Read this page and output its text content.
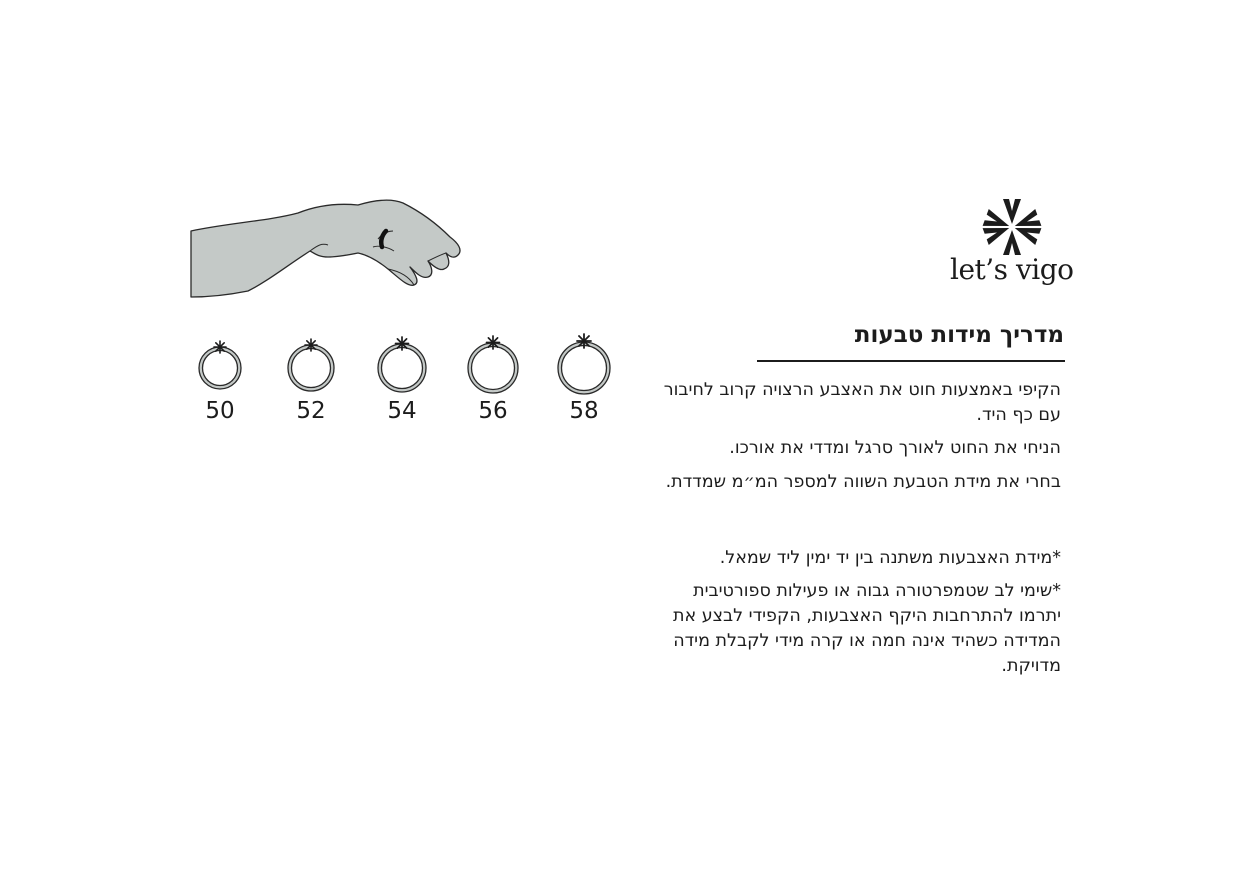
let’s vigo
מדריך מידות טבעות
הקיפי באמצעות חוט את האצבע הרצויה קרוב לחיבור עם כף היד.
הניחי את החוט לאורך סרגל ומדדי את אורכו.
בחרי את מידת הטבעת השווה למספר המ״מ שמדדת.
*מידת האצבעות משתנה בין יד ימין ליד שמאל.
*שימי לב שטמפרטורה גבוה או פעילות ספורטיבית יתרמו להתרחבות היקף האצבעות, הקפידי לבצע את המדידה כשהיד אינה חמה או קרה מידי לקבלת מידה מדויקת.
50	52	54	56	58
